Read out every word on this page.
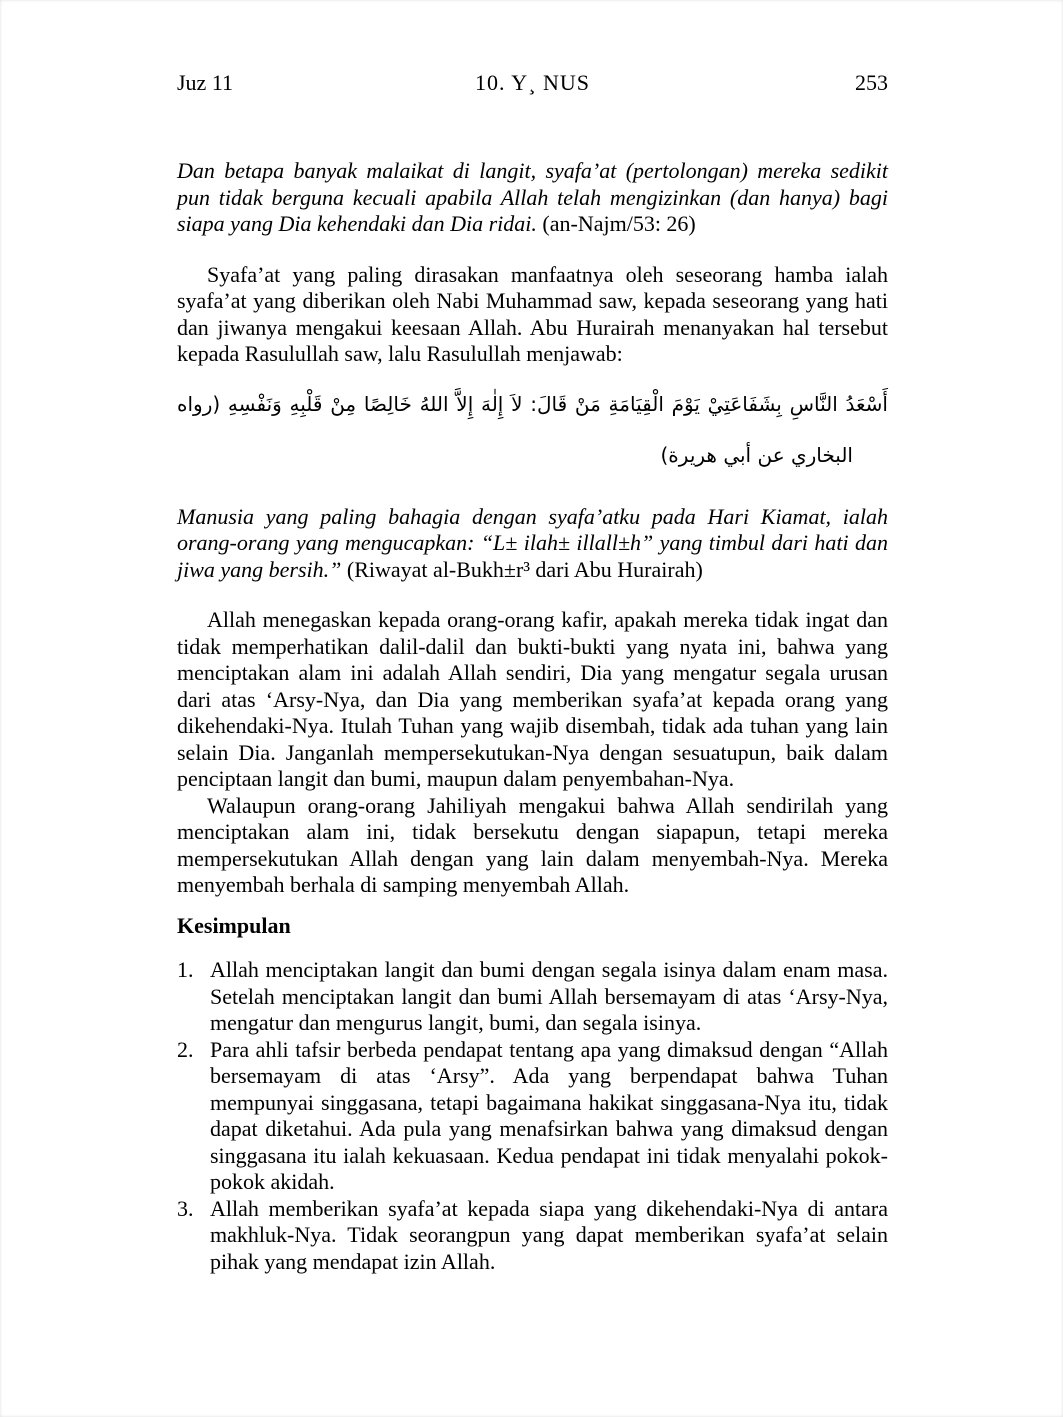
Juz 11	10. Y¸ NUS	253

Dan betapa banyak malaikat di langit, syafa’at (pertolongan) mereka sedikit pun tidak berguna kecuali apabila Allah telah mengizinkan (dan hanya) bagi siapa yang Dia kehendaki dan Dia ridai. (an-Najm/53: 26)

Syafa’at yang paling dirasakan manfaatnya oleh seseorang hamba ialah syafa’at yang diberikan oleh Nabi Muhammad saw, kepada seseorang yang hati dan jiwanya mengakui keesaan Allah. Abu Hurairah menanyakan hal tersebut kepada Rasulullah saw, lalu Rasulullah menjawab:

أَسْعَدُ النَّاسِ بِشَفَاعَتِيْ يَوْمَ الْقِيَامَةِ مَنْ قَالَ: لاَ إِلٰهَ إِلاَّ اللهُ خَالِصًا مِنْ قَلْبِهِ وَنَفْسِهِ (رواه
البخاري عن أبي هريرة)

Manusia yang paling bahagia dengan syafa’atku pada Hari Kiamat, ialah orang-orang yang mengucapkan: “L± ilah± illall±h” yang timbul dari hati dan jiwa yang bersih.” (Riwayat al-Bukh±r³ dari Abu Hurairah)

Allah menegaskan kepada orang-orang kafir, apakah mereka tidak ingat dan tidak memperhatikan dalil-dalil dan bukti-bukti yang nyata ini, bahwa yang menciptakan alam ini adalah Allah sendiri, Dia yang mengatur segala urusan dari atas ‘Arsy-Nya, dan Dia yang memberikan syafa’at kepada orang yang dikehendaki-Nya. Itulah Tuhan yang wajib disembah, tidak ada tuhan yang lain selain Dia. Janganlah mempersekutukan-Nya dengan sesuatupun, baik dalam penciptaan langit dan bumi, maupun dalam penyembahan-Nya.

Walaupun orang-orang Jahiliyah mengakui bahwa Allah sendirilah yang menciptakan alam ini, tidak bersekutu dengan siapapun, tetapi mereka mempersekutukan Allah dengan yang lain dalam menyembah-Nya. Mereka menyembah berhala di samping menyembah Allah.

Kesimpulan
1. Allah menciptakan langit dan bumi dengan segala isinya dalam enam masa. Setelah menciptakan langit dan bumi Allah bersemayam di atas ‘Arsy-Nya, mengatur dan mengurus langit, bumi, dan segala isinya.
2. Para ahli tafsir berbeda pendapat tentang apa yang dimaksud dengan “Allah bersemayam di atas ‘Arsy”. Ada yang berpendapat bahwa Tuhan mempunyai singgasana, tetapi bagaimana hakikat singgasana-Nya itu, tidak dapat diketahui. Ada pula yang menafsirkan bahwa yang dimaksud dengan singgasana itu ialah kekuasaan. Kedua pendapat ini tidak menyalahi pokok-pokok akidah.
3. Allah memberikan syafa’at kepada siapa yang dikehendaki-Nya di antara makhluk-Nya. Tidak seorangpun yang dapat memberikan syafa’at selain pihak yang mendapat izin Allah.
